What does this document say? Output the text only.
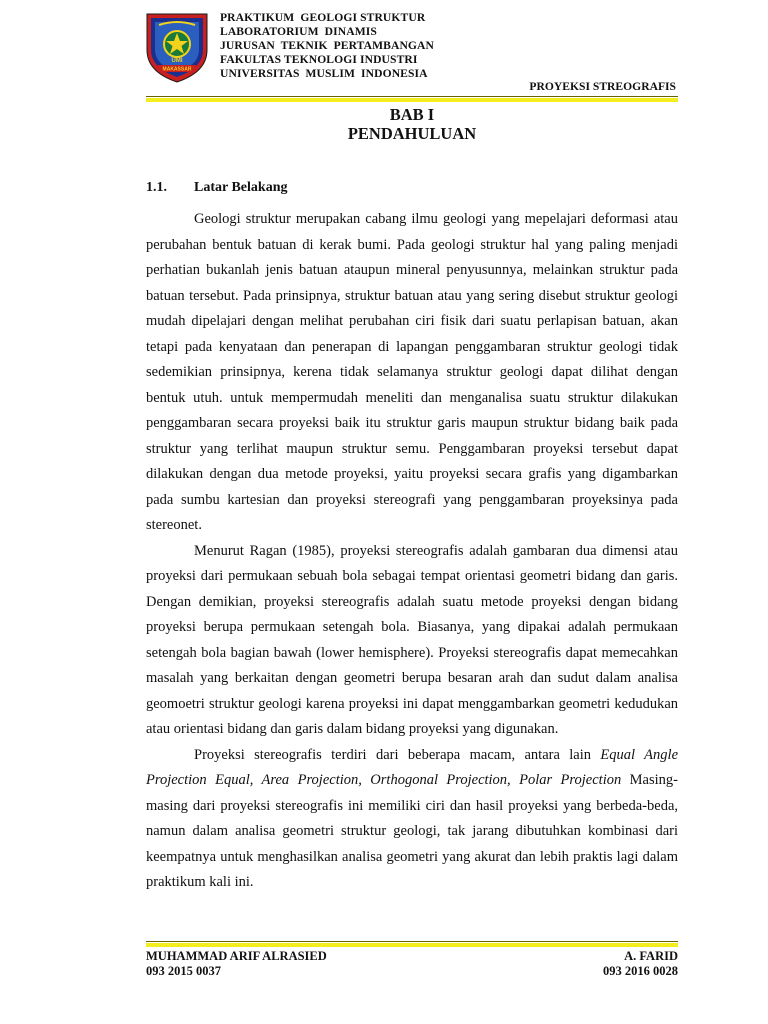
MAKASSAR
UMI
PRAKTIKUM  GEOLOGI STRUKTUR
LABORATORIUM  DINAMIS
JURUSAN  TEKNIK  PERTAMBANGAN
FAKULTAS TEKNOLOGI INDUSTRI
UNIVERSITAS  MUSLIM  INDONESIA
PROYEKSI STREOGRAFIS
BAB I
PENDAHULUAN
1.1. Latar Belakang

Geologi struktur merupakan cabang ilmu geologi yang mepelajari deformasi atau perubahan bentuk batuan di kerak bumi. Pada geologi struktur hal yang paling menjadi perhatian bukanlah jenis batuan ataupun mineral penyusunnya, melainkan struktur pada batuan tersebut. Pada prinsipnya, struktur batuan atau yang sering disebut struktur geologi mudah dipelajari dengan melihat perubahan ciri fisik dari suatu perlapisan batuan, akan tetapi pada kenyataan dan penerapan di lapangan penggambaran struktur geologi tidak sedemikian prinsipnya, kerena tidak selamanya struktur geologi dapat dilihat dengan bentuk utuh. untuk mempermudah meneliti dan menganalisa suatu struktur dilakukan penggambaran secara proyeksi baik itu struktur garis maupun struktur bidang baik pada struktur yang terlihat maupun struktur semu. Penggambaran proyeksi tersebut dapat dilakukan dengan dua metode proyeksi, yaitu proyeksi secara grafis yang digambarkan pada sumbu kartesian dan proyeksi stereografi yang penggambaran proyeksinya pada stereonet.

Menurut Ragan (1985), proyeksi stereografis adalah gambaran dua dimensi atau proyeksi dari permukaan sebuah bola sebagai tempat orientasi geometri bidang dan garis. Dengan demikian, proyeksi stereografis adalah suatu metode proyeksi dengan bidang proyeksi berupa permukaan setengah bola. Biasanya, yang dipakai adalah permukaan setengah bola bagian bawah (lower hemisphere). Proyeksi stereografis dapat memecahkan masalah yang berkaitan dengan geometri berupa besaran arah dan sudut dalam analisa geomoetri struktur geologi karena proyeksi ini dapat menggambarkan geometri kedudukan atau orientasi bidang dan garis dalam bidang proyeksi yang digunakan.

Proyeksi stereografis terdiri dari beberapa macam, antara lain Equal Angle Projection Equal, Area Projection, Orthogonal Projection, Polar Projection Masing-masing dari proyeksi stereografis ini memiliki ciri dan hasil proyeksi yang berbeda-beda, namun dalam analisa geometri struktur geologi, tak jarang dibutuhkan kombinasi dari keempatnya untuk menghasilkan analisa geometri yang akurat dan lebih praktis lagi dalam praktikum kali ini.

MUHAMMAD ARIF ALRASIED
093 2015 0037
A. FARID
093 2016 0028
